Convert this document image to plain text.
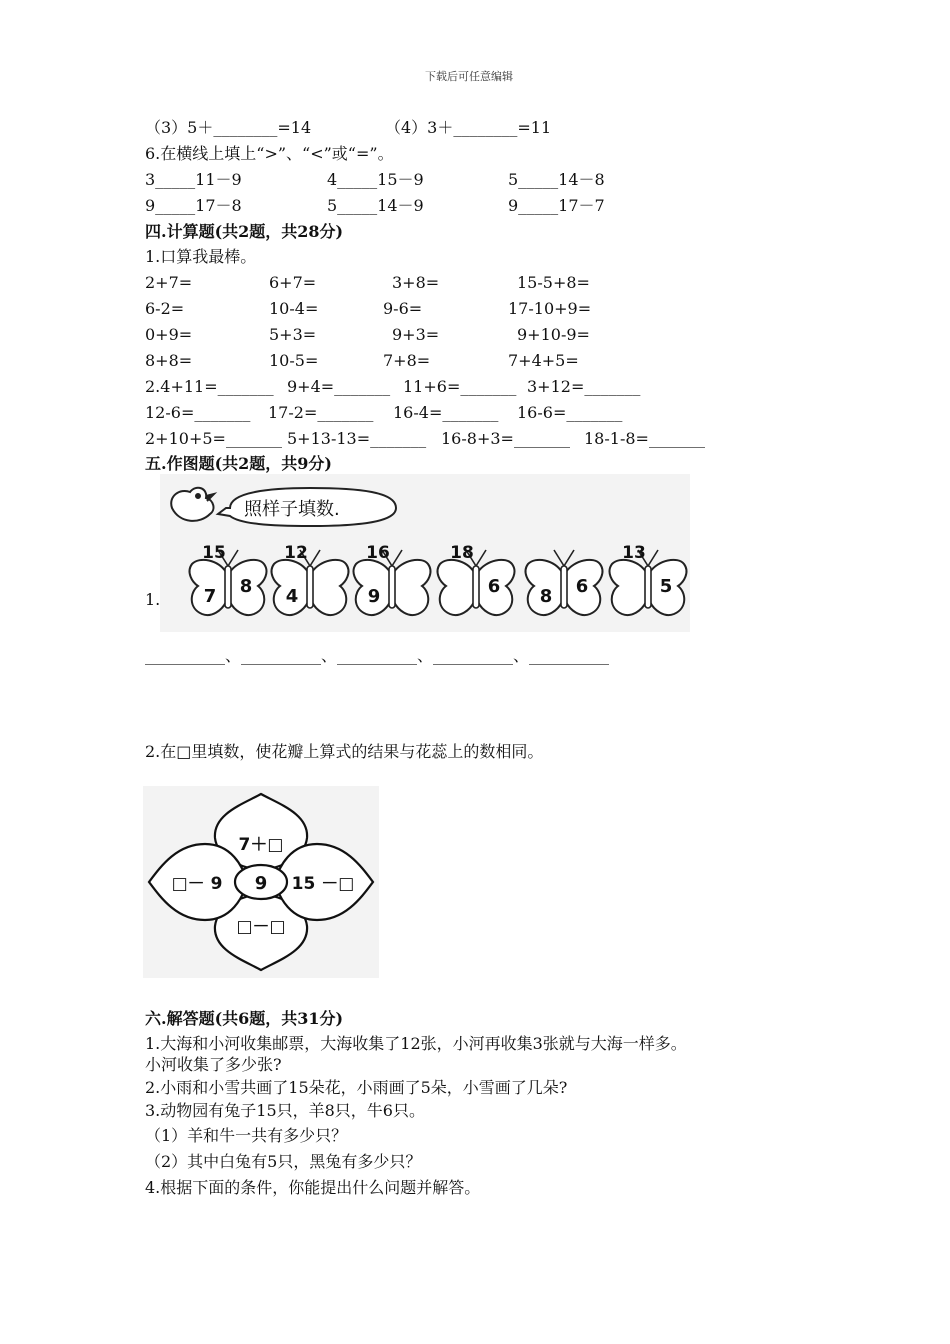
下载后可任意编辑
（3）5＋________=14	（4）3＋________=11
6.在横线上填上“>”、“<”或“=”。
3_____11－9	4_____15－9	5_____14－8
9_____17－8	5_____14－9	9_____17－7
四.计算题(共2题，共28分)
1.口算我最棒。
2+7=	6+7=	3+8=	15-5+8=
6-2=	10-4=	9-6=	17-10+9=
0+9=	5+3=	9+3=	9+10-9=
8+8=	10-5=	7+8=	7+4+5=
2.4+11=_______ 9+4=_______ 11+6=_______ 3+12=_______
12-6=_______ 17-2=_______ 16-4=_______ 16-6=_______
2+10+5=_______ 5+13-13=_______ 16-8+3=_______ 18-1-8=_______
五.作图题(共2题，共9分)
1.
照样子填数.
15
7 8
12
4
16
9
18
6 8 6
13
5
__________、__________、__________、__________、__________
2.在□里填数，使花瓣上算式的结果与花蕊上的数相同。
9
7＋□
□－ 9	15 －□
□－□
六.解答题(共6题，共31分)
1.大海和小河收集邮票，大海收集了12张，小河再收集3张就与大海一样多。
小河收集了多少张?
2.小雨和小雪共画了15朵花，小雨画了5朵，小雪画了几朵?
3.动物园有兔子15只，羊8只，牛6只。
（1）羊和牛一共有多少只？
（2）其中白兔有5只，黑兔有多少只？
4.根据下面的条件，你能提出什么问题并解答。
